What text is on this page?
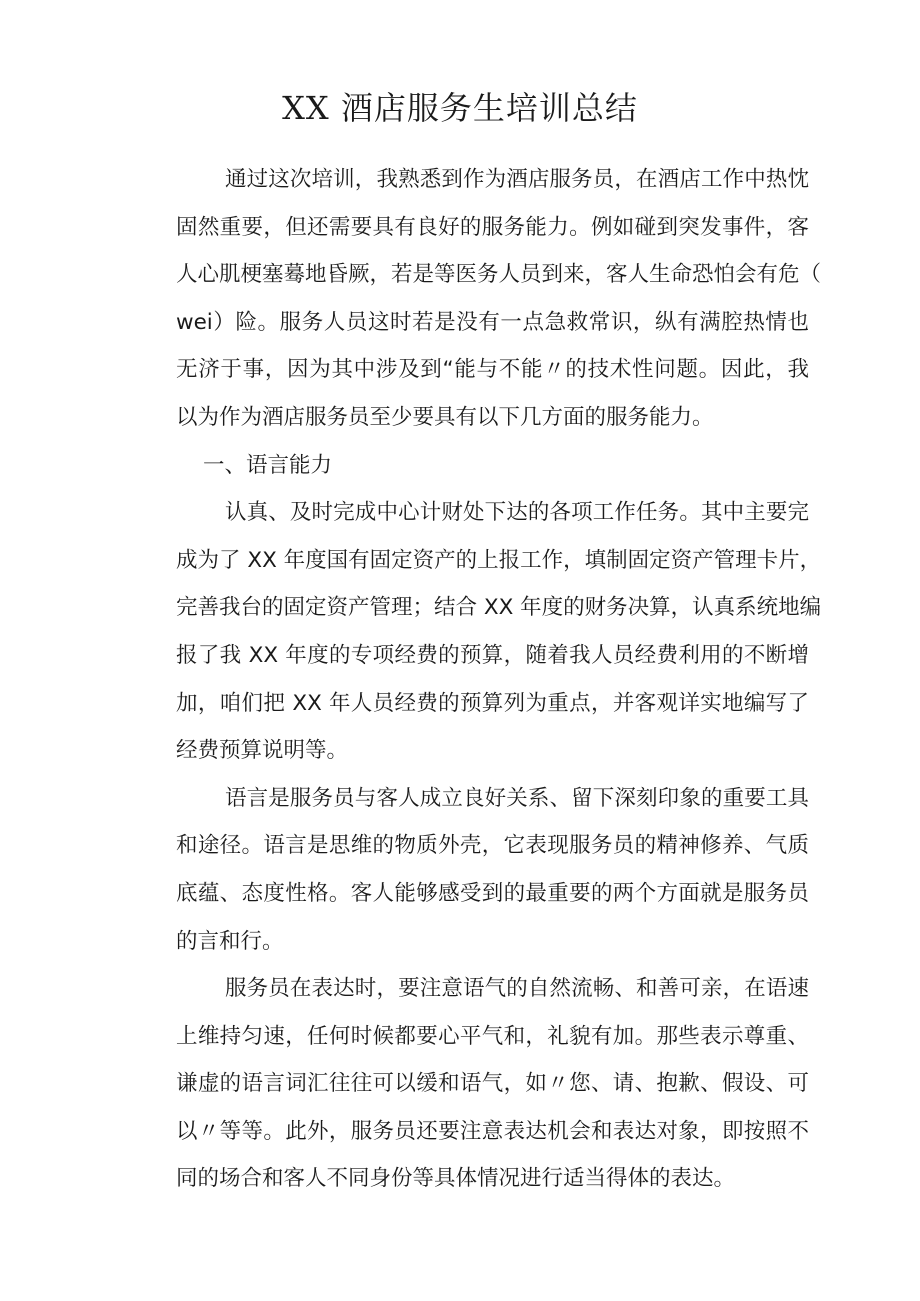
XX 酒店服务生培训总结
通过这次培训，我熟悉到作为酒店服务员，在酒店工作中热忱
固然重要，但还需要具有良好的服务能力。例如碰到突发事件，客
人心肌梗塞蓦地昏厥，若是等医务人员到来，客人生命恐怕会有危（
wei）险。服务人员这时若是没有一点急救常识，纵有满腔热情也
无济于事，因为其中涉及到“能与不能〃的技术性问题。因此，我
以为作为酒店服务员至少要具有以下几方面的服务能力。
一、语言能力
认真、及时完成中心计财处下达的各项工作任务。其中主要完
成为了 XX 年度国有固定资产的上报工作，填制固定资产管理卡片，
完善我台的固定资产管理；结合 XX 年度的财务决算，认真系统地编
报了我 XX 年度的专项经费的预算，随着我人员经费利用的不断增
加，咱们把 XX 年人员经费的预算列为重点，并客观详实地编写了
经费预算说明等。
语言是服务员与客人成立良好关系、留下深刻印象的重要工具
和途径。语言是思维的物质外壳，它表现服务员的精神修养、气质
底蕴、态度性格。客人能够感受到的最重要的两个方面就是服务员
的言和行。
服务员在表达时，要注意语气的自然流畅、和善可亲，在语速
上维持匀速，任何时候都要心平气和，礼貌有加。那些表示尊重、
谦虚的语言词汇往往可以缓和语气，如〃您、请、抱歉、假设、可
以〃等等。此外，服务员还要注意表达机会和表达对象，即按照不
同的场合和客人不同身份等具体情况进行适当得体的表达。
